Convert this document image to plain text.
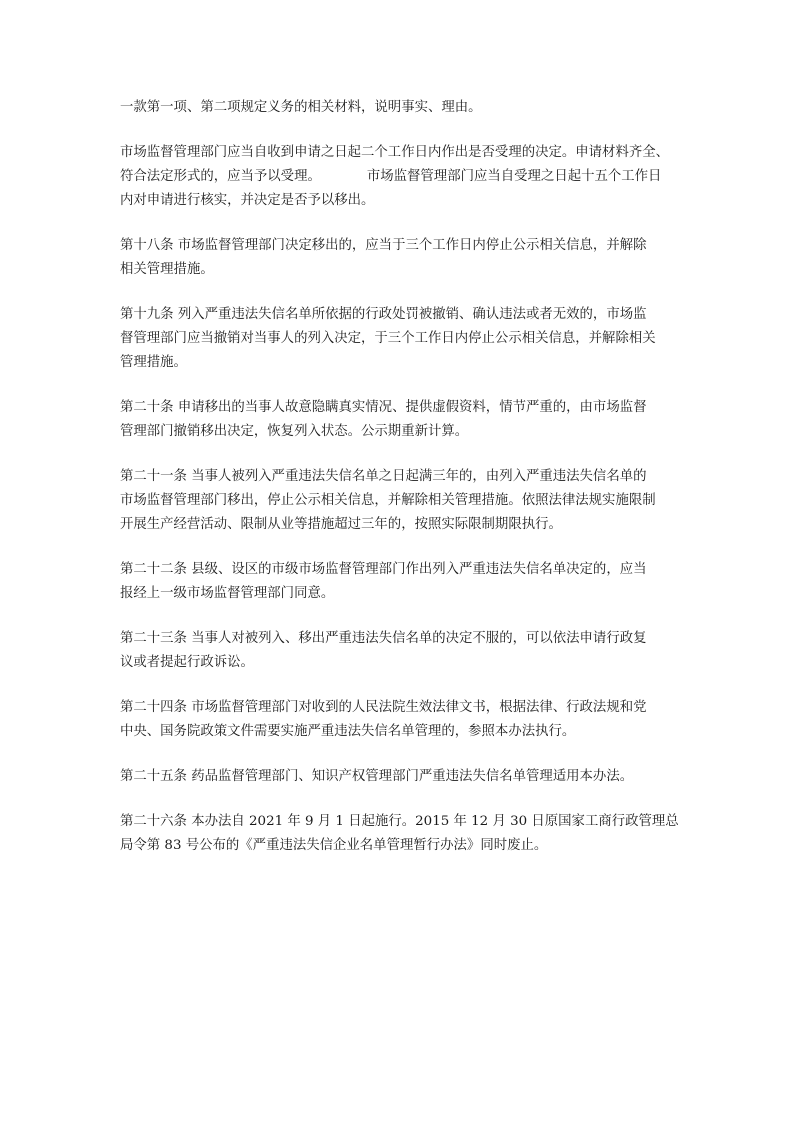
一款第一项、第二项规定义务的相关材料，说明事实、理由。

市场监督管理部门应当自收到申请之日起二个工作日内作出是否受理的决定。申请材料齐全、
符合法定形式的，应当予以受理。	市场监督管理部门应当自受理之日起十五个工作日
内对申请进行核实，并决定是否予以移出。

第十八条 市场监督管理部门决定移出的，应当于三个工作日内停止公示相关信息，并解除
相关管理措施。

第十九条 列入严重违法失信名单所依据的行政处罚被撤销、确认违法或者无效的，市场监
督管理部门应当撤销对当事人的列入决定，于三个工作日内停止公示相关信息，并解除相关
管理措施。

第二十条 申请移出的当事人故意隐瞒真实情况、提供虚假资料，情节严重的，由市场监督
管理部门撤销移出决定，恢复列入状态。公示期重新计算。

第二十一条 当事人被列入严重违法失信名单之日起满三年的，由列入严重违法失信名单的
市场监督管理部门移出，停止公示相关信息，并解除相关管理措施。依照法律法规实施限制
开展生产经营活动、限制从业等措施超过三年的，按照实际限制期限执行。

第二十二条 县级、设区的市级市场监督管理部门作出列入严重违法失信名单决定的，应当
报经上一级市场监督管理部门同意。

第二十三条 当事人对被列入、移出严重违法失信名单的决定不服的，可以依法申请行政复
议或者提起行政诉讼。

第二十四条 市场监督管理部门对收到的人民法院生效法律文书，根据法律、行政法规和党
中央、国务院政策文件需要实施严重违法失信名单管理的，参照本办法执行。

第二十五条 药品监督管理部门、知识产权管理部门严重违法失信名单管理适用本办法。

第二十六条 本办法自 2021 年 9 月 1 日起施行。2015 年 12 月 30 日原国家工商行政管理总
局令第 83 号公布的《严重违法失信企业名单管理暂行办法》同时废止。
